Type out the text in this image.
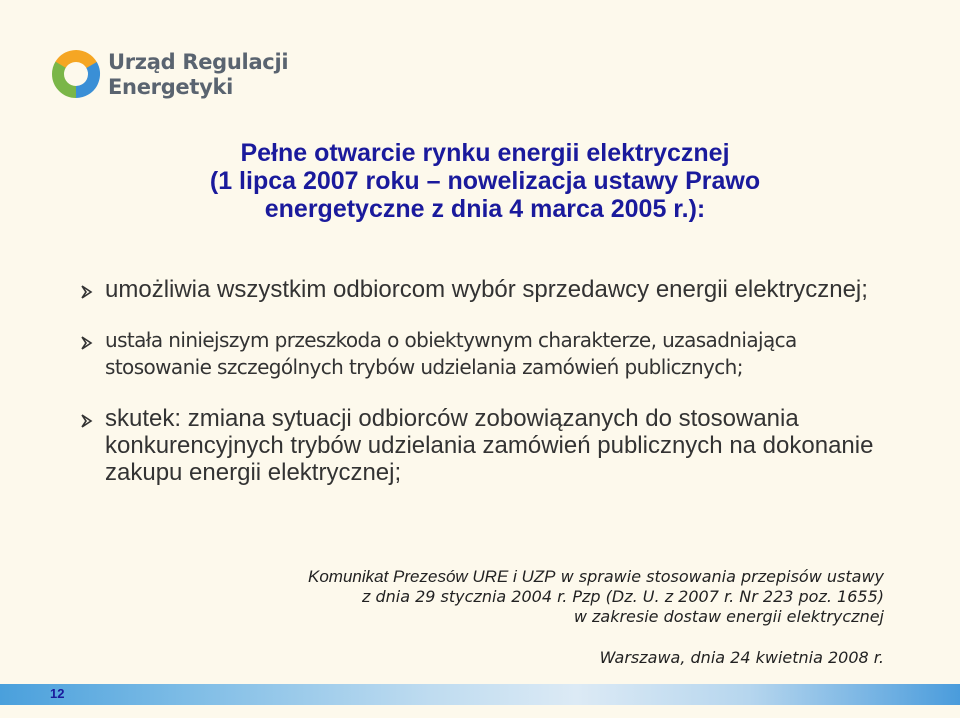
Urząd Regulacji
Energetyki
Pełne otwarcie rynku energii elektrycznej
(1 lipca 2007 roku – nowelizacja ustawy Prawo
energetyczne z dnia 4 marca 2005 r.):
umożliwia wszystkim odbiorcom wybór sprzedawcy energii elektrycznej;
ustała niniejszym przeszkoda o obiektywnym charakterze, uzasadniająca stosowanie szczególnych trybów udzielania zamówień publicznych;
skutek: zmiana sytuacji odbiorców zobowiązanych do stosowania konkurencyjnych trybów udzielania zamówień publicznych na dokonanie zakupu energii elektrycznej;
Komunikat Prezesów URE i UZP w sprawie stosowania przepisów ustawy
z dnia 29 stycznia 2004 r. Pzp (Dz. U. z 2007 r. Nr 223 poz. 1655)
w zakresie dostaw energii elektrycznej
Warszawa, dnia 24 kwietnia 2008 r.
12
